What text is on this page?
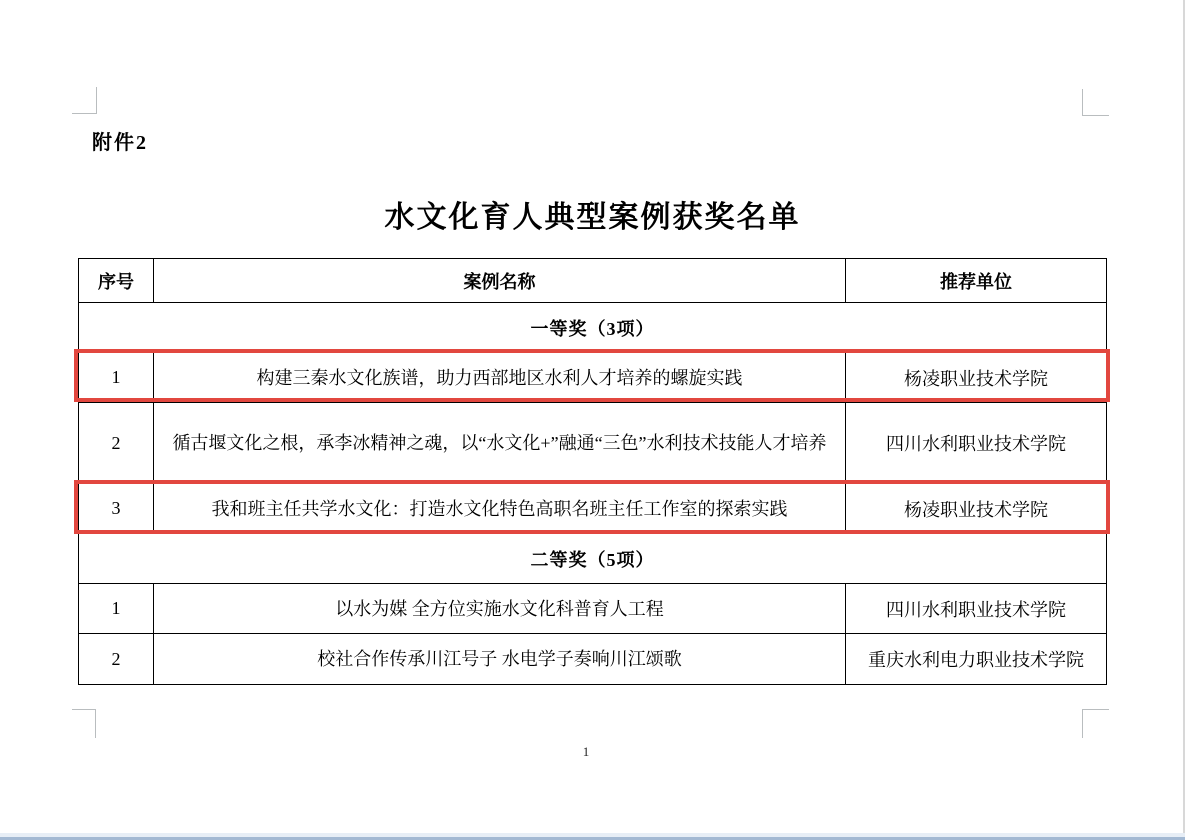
附件2
水文化育人典型案例获奖名单
序号	案例名称	推荐单位
一等奖（3项）		
1	构建三秦水文化族谱，助力西部地区水利人才培养的螺旋实践	杨凌职业技术学院
2	循古堰文化之根，承李冰精神之魂，以“水文化+”融通“三色”水利技术技能人才培养	四川水利职业技术学院
3	我和班主任共学水文化：打造水文化特色高职名班主任工作室的探索实践	杨凌职业技术学院
二等奖（5项）		
1	以水为媒 全方位实施水文化科普育人工程	四川水利职业技术学院
2	校社合作传承川江号子 水电学子奏响川江颂歌	重庆水利电力职业技术学院
1
